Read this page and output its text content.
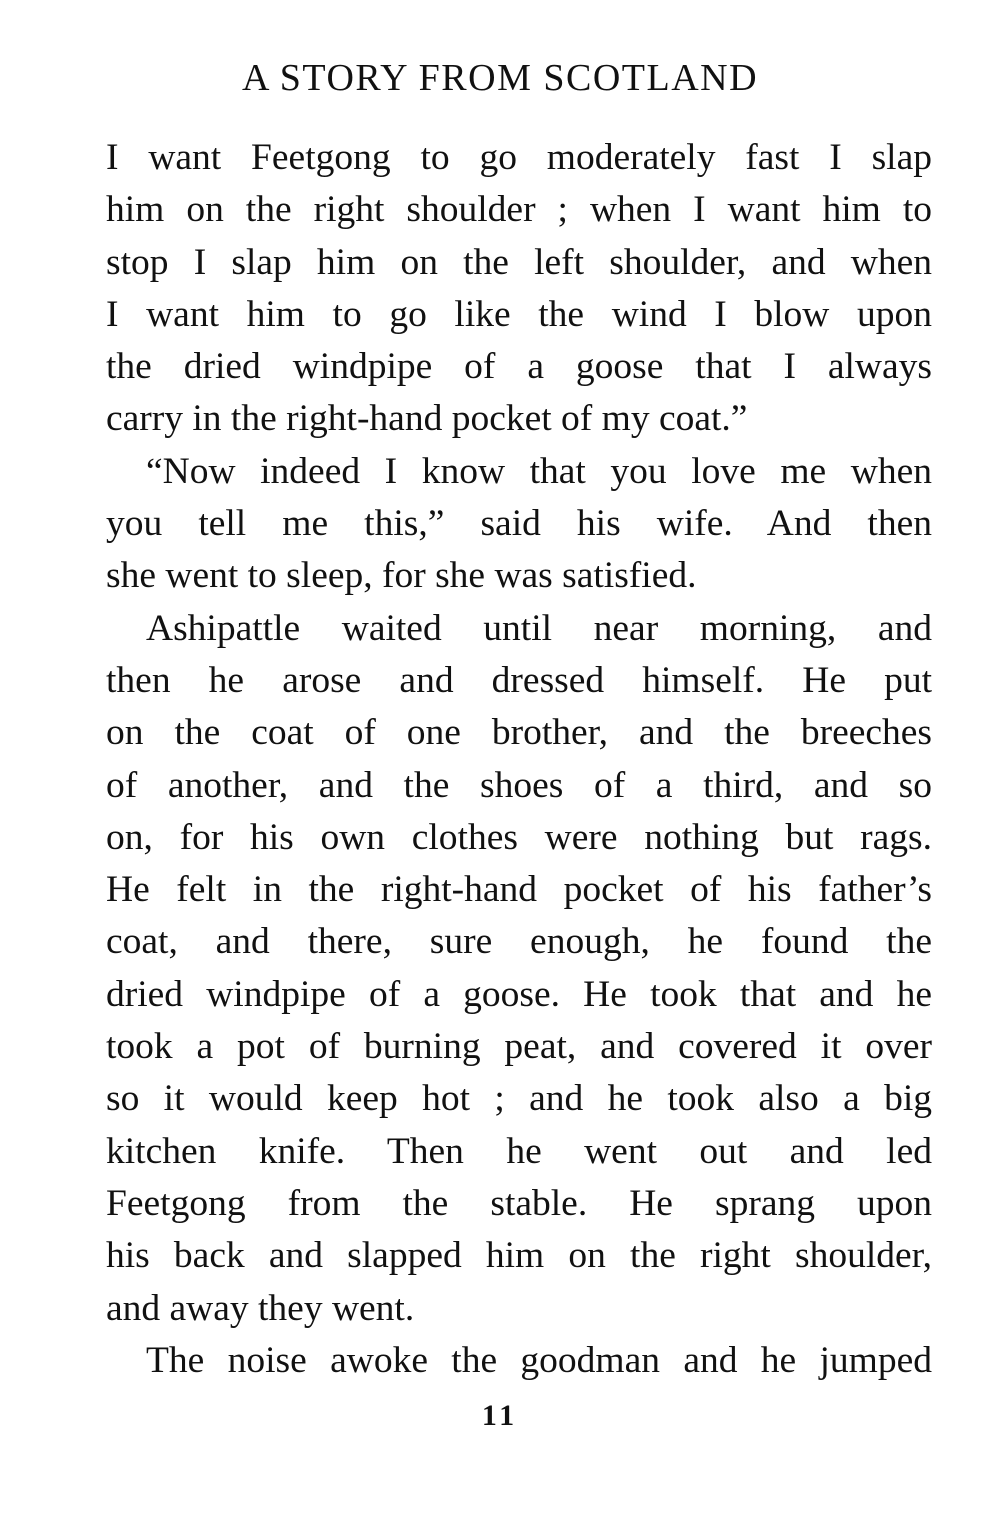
A STORY FROM SCOTLAND

I want Feetgong to go moderately fast I slap
him on the right shoulder ; when I want him to
stop I slap him on the left shoulder, and when
I want him to go like the wind I blow upon
the dried windpipe of a goose that I always
carry in the right-hand pocket of my coat.”

“Now indeed I know that you love me when
you tell me this,” said his wife. And then
she went to sleep, for she was satisfied.

Ashipattle waited until near morning, and
then he arose and dressed himself. He put
on the coat of one brother, and the breeches
of another, and the shoes of a third, and so
on, for his own clothes were nothing but rags.
He felt in the right-hand pocket of his father’s
coat, and there, sure enough, he found the
dried windpipe of a goose. He took that and he
took a pot of burning peat, and covered it over
so it would keep hot ; and he took also a big
kitchen knife. Then he went out and led
Feetgong from the stable. He sprang upon
his back and slapped him on the right shoulder,
and away they went.

The noise awoke the goodman and he jumped

11
